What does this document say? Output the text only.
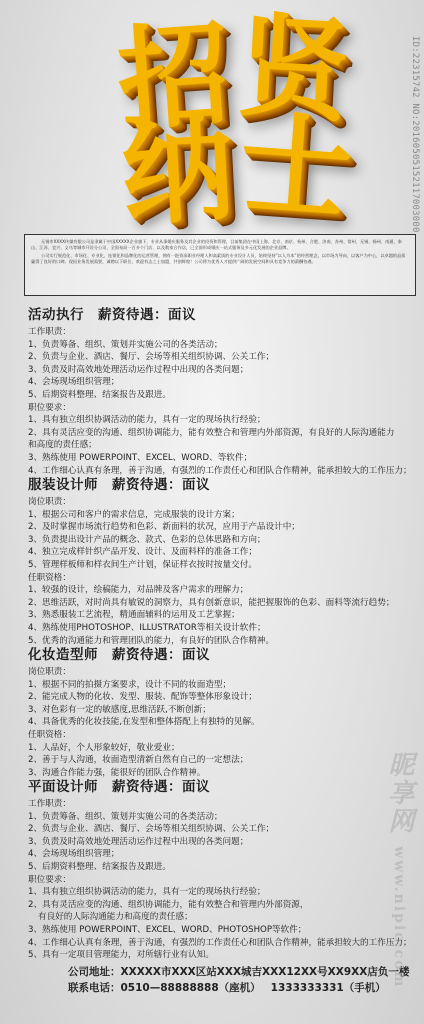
招 贤
纳
士	ID:22315742 NO:20160505152117003000

无锡市XXXX传媒有限公司是隶属于中国XXXXX企业旗下，专业从事婚庆服务及其企业的投资和管理，目前集团在中国上海、北京、南京、杭州、合肥、济南、苏州、常州、无锡、扬州、南通、泰山、江苏、宜兴、义乌等城市开设分公司、全国布局一百多个门店、以及数家合作店，已全面形成婚庆一站式服务及多元化发展的企业品牌。

公司实行规范化、市场化、专业化、连锁化和品牌化的运营管理，拥有一批资深职业经理人和高素质的专业设计人员，始终坚持“以人为本”的经营理念，以市场为导向，以客户为中心，以卓越的品质赢得了良好的口碑。现因业务发展需要，诚聘以下职位，欢迎有志之士加盟，共创辉煌！公司将为优秀人才提供广阔的发展空间和具有竞争力的薪酬待遇。

活动执行 薪资待遇：面议
工作职责：
1、负责筹备、组织、策划并实施公司的各类活动；
2、负责与企业、酒店、餐厅、会场等相关组织协调、公关工作；
3、负责及时高效地处理活动运作过程中出现的各类问题；
4、会场现场组织管理；
5、后期资料整理、结案报告及跟进。
职位要求：
1、具有独立组织协调活动的能力，具有一定的现场执行经验；
2、具有灵活应变的沟通、组织协调能力，能有效整合和管理内外部资源，有良好的人际沟通能力
和高度的责任感；
3、熟练使用 POWERPOINT、EXCEL、WORD、等软件；
4、工作细心认真有条理，善于沟通，有强烈的工作责任心和团队合作精神，能承担较大的工作压力；
服装设计师 薪资待遇：面议
岗位职责：
1、根据公司和客户的需求信息，完成服装的设计方案；
2、及时掌握市场流行趋势和色彩、新面料的状况，应用于产品设计中；
3、负责提出设计产品的概念、款式、色彩的总体思路和方向；
4、独立完成样针织产品开发、设计、及面料样的准备工作；
5、管理样板师和样衣间生产计划，保证样衣按时按量交付。
任职资格：
1、较强的设计，绘稿能力，对品牌及客户需求的理解力；
2、思维活跃，对时尚具有敏锐的洞察力，具有创新意识，能把握服饰的色彩、面料等流行趋势；
3、熟悉服装工艺流程，精通面辅料的运用及工艺掌握；
4、熟练使用PHOTOSHOP、ILLUSTRATOR等相关设计软件；
5、优秀的沟通能力和管理团队的能力，有良好的团队合作精神。
化妆造型师 薪资待遇：面议
岗位职责：
1、根据不同的拍摄方案要求，设计不同的妆面造型；
2、能完成人物的化妆、发型、服装、配饰等整体形象设计；
3、对色彩有一定的敏感度,思维活跃,不断创新；
4、具备优秀的化妆技能,在发型和整体搭配上有独特的见解。
任职资格：
1、人品好，个人形象较好，敬业爱业；
2、善于与人沟通，妆面造型清新自然有自己的一定想法；
3、沟通合作能力强，能很好的团队合作精神。
平面设计师 薪资待遇：面议
工作职责：
1、负责筹备、组织、策划并实施公司的各类活动；
2、负责与企业、酒店、餐厅、会场等相关组织协调、公关工作；
3、负责及时高效地处理活动运作过程中出现的各类问题；
4、会场现场组织管理；
5、后期资料整理、结案报告及跟进。
职位要求：
1、具有独立组织协调活动的能力，具有一定的现场执行经验；
2、具有灵活应变的沟通、组织协调能力，能有效整合和管理内外部资源，
有良好的人际沟通能力和高度的责任感；
3、熟练使用 POWERPOINT、EXCEL、WORD、PHOTOSHOP等软件；
4、工作细心认真有条理，善于沟通，有强烈的工作责任心和团队合作精神，能承担较大的工作压力；
5、具有一定项目管理能力，对所辖行业有认知。
公司地址：XXXXX市XXX区站XXX城吉XXX12XX号XX9XX店负一楼
联系电话：0510—88888888（座机） 1333333331（手机）
昵享网 www.nipic.com
